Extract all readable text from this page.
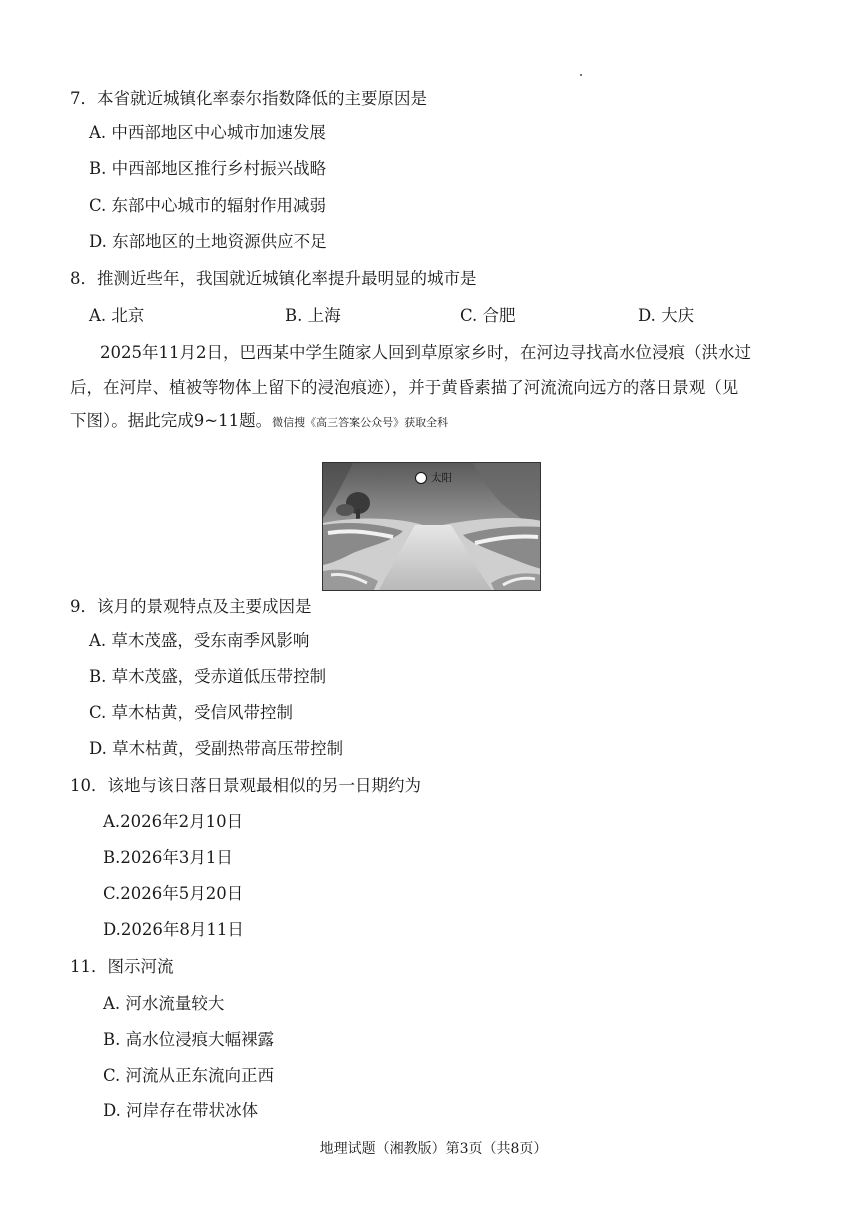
7．本省就近城镇化率泰尔指数降低的主要原因是
A. 中西部地区中心城市加速发展
B. 中西部地区推行乡村振兴战略
C. 东部中心城市的辐射作用减弱
D. 东部地区的土地资源供应不足
8．推测近些年，我国就近城镇化率提升最明显的城市是
A. 北京	B. 上海	C. 合肥	D. 大庆
2025年11月2日，巴西某中学生随家人回到草原家乡时，在河边寻找高水位浸痕（洪水过
后，在河岸、植被等物体上留下的浸泡痕迹），并于黄昏素描了河流流向远方的落日景观（见
下图）。据此完成9~11题。微信搜《高三答案公众号》获取全科
太阳
9．该月的景观特点及主要成因是
A. 草木茂盛，受东南季风影响
B. 草木茂盛，受赤道低压带控制
C. 草木枯黄，受信风带控制
D. 草木枯黄，受副热带高压带控制
10．该地与该日落日景观最相似的另一日期约为
A.2026年2月10日
B.2026年3月1日
C.2026年5月20日
D.2026年8月11日
11．图示河流
A. 河水流量较大
B. 高水位浸痕大幅裸露
C. 河流从正东流向正西
D. 河岸存在带状冰体
地理试题（湘教版）第3页（共8页）
